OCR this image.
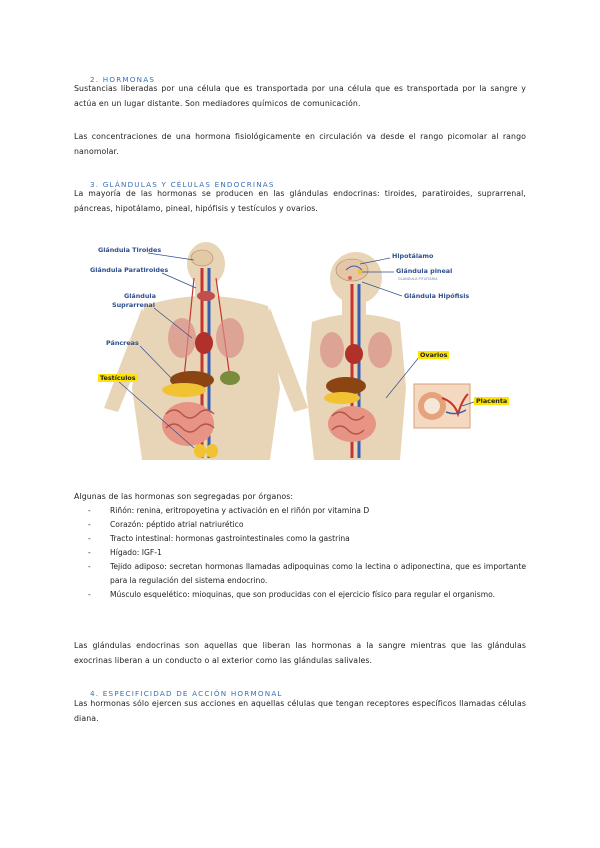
2. HORMONAS

Sustancias liberadas por una célula que es transportada por una célula que es transportada por la sangre y actúa en un lugar distante. Son mediadores químicos de comunicación.

Las concentraciones de una hormona fisiológicamente en circulación va desde el rango picomolar al rango nanomolar.

3. GLÁNDULAS Y CÉLULAS ENDOCRINAS

La mayoría de las hormonas se producen en las glándulas endocrinas: tiroides, paratiroides, suprarrenal, páncreas, hipotálamo, pineal, hipófisis y testículos y ovarios.

Glándula Tiroides
Glándula Paratiroides
Glándula
Suprarrenal
Páncreas
Testículos
Hipotálamo
Glándula pineal
GLÁNDULA PITUITARIA
Glándula Hipófisis
Ovarios
Placenta

Algunas de las hormonas son segregadas por órganos:

- Riñón: renina, eritropoyetina y activación en el riñón por vitamina D
- Corazón: péptido atrial natriurético
- Tracto intestinal: hormonas gastrointestinales como la gastrina
- Hígado: IGF-1
- Tejido adiposo: secretan hormonas llamadas adipoquinas como la lectina o adiponectina, que es importante para la regulación del sistema endocrino.
- Músculo esquelético: mioquinas, que son producidas con el ejercicio físico para regular el organismo.

Las glándulas endocrinas son aquellas que liberan las hormonas a la sangre mientras que las glándulas exocrinas liberan a un conducto o al exterior como las glándulas salivales.

4. ESPECIFICIDAD DE ACCIÓN HORMONAL

Las hormonas sólo ejercen sus acciones en aquellas células que tengan receptores específicos llamadas células diana.
